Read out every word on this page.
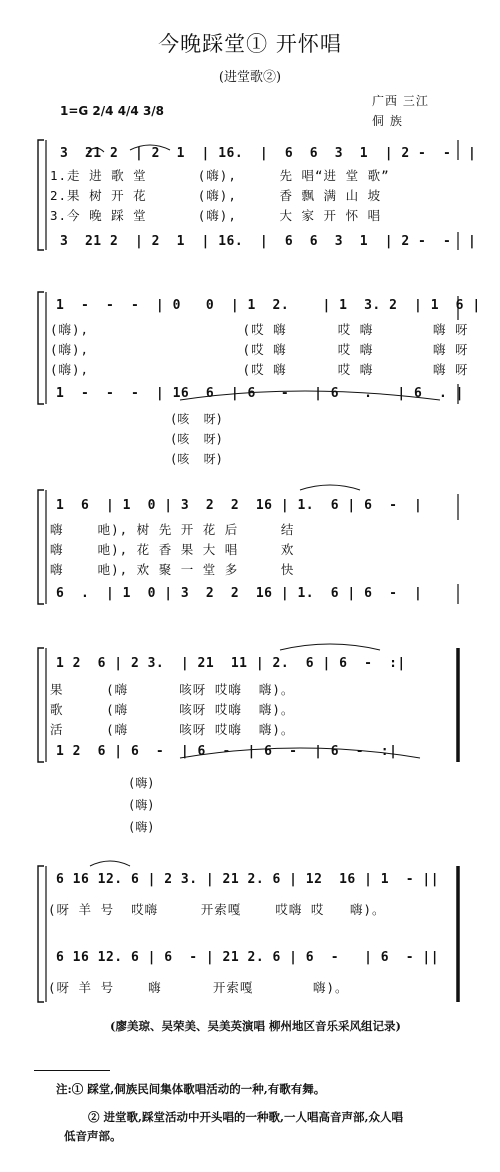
今晚踩堂① 开怀唱
(进堂歌②)
广西 三江
侗 族
1=G 2/4 4/4 3/8
3  21 2  | 2  1  | 16.  |  6  6  3  1  | 2 -  -  |
1.走 进 歌 堂      (嗨),     先 唱“进 堂 歌”
2.果 树 开 花      (嗨),     香 飘 满 山 坡
3.今 晚 踩 堂      (嗨),     大 家 开 怀 唱
3  21 2  | 2  1  | 16.  |  6  6  3  1  | 2 -  -  |
1  -  -  -  | 0   0  | 1  2.    | 1  3. 2  | 1  6 |
(嗨),                  (哎 嗨      哎 嗨       嗨 呀
(嗨),                  (哎 嗨      哎 嗨       嗨 呀
(嗨),                  (哎 嗨      哎 嗨       嗨 呀
1  -  -  -  | 16  6  | 6   -   | 6   .   | 6  . |
(咳  呀)
(咳  呀)
(咳  呀)
1  6  | 1  0 | 3  2  2  16 | 1.  6 | 6  -  |
嗨    吔), 树 先 开 花 后     结
嗨    吔), 花 香 果 大 唱     欢
嗨    吔), 欢 聚 一 堂 多     快
6  .  | 1  0 | 3  2  2  16 | 1.  6 | 6  -  |
1 2  6 | 2 3.  | 21  11 | 2.  6 | 6  -  :|
果     (嗨      咳呀 哎嗨  嗨)。
歌     (嗨      咳呀 哎嗨  嗨)。
活     (嗨      咳呀 哎嗨  嗨)。
1 2  6 | 6  -  | 6  -  | 6  -  | 6  -  :|
(嗨)
(嗨)
(嗨)
6 16 12. 6 | 2 3. | 21 2. 6 | 12  16 | 1  - ||
(呀 羊 号  哎嗨     开索嘎    哎嗨 哎   嗨)。
6 16 12. 6 | 6  - | 21 2. 6 | 6  -   | 6  - ||
(呀 羊 号    嗨      开索嘎       嗨)。
(廖美琼、吴荣美、吴美英演唱 柳州地区音乐采风组记录)
注:① 踩堂,侗族民间集体歌唱活动的一种,有歌有舞。
② 进堂歌,踩堂活动中开头唱的一种歌,一人唱高音声部,众人唱
低音声部。
